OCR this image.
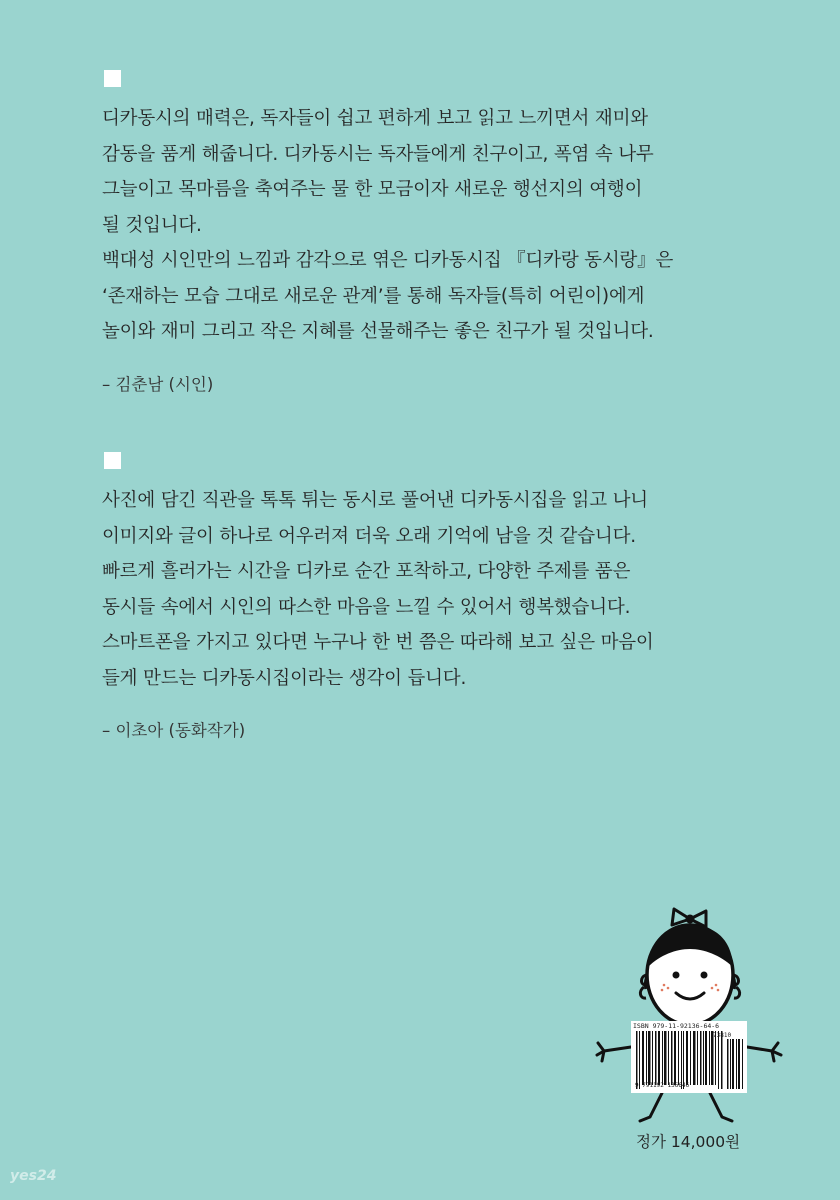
디카동시의 매력은, 독자들이 쉽고 편하게 보고 읽고 느끼면서 재미와

감동을 품게 해줍니다. 디카동시는 독자들에게 친구이고, 폭염 속 나무

그늘이고 목마름을 축여주는 물 한 모금이자 새로운 행선지의 여행이

될 것입니다.

백대성 시인만의 느낌과 감각으로 엮은 디카동시집 『디카랑 동시랑』은

‘존재하는 모습 그대로 새로운 관계’를 통해 독자들(특히 어린이)에게

놀이와 재미 그리고 작은 지혜를 선물해주는 좋은 친구가 될 것입니다.

– 김춘남 (시인)

사진에 담긴 직관을 톡톡 튀는 동시로 풀어낸 디카동시집을 읽고 나니

이미지와 글이 하나로 어우러져 더욱 오래 기억에 남을 것 같습니다.

빠르게 흘러가는 시간을 디카로 순간 포착하고, 다양한 주제를 품은

동시들 속에서 시인의 따스한 마음을 느낄 수 있어서 행복했습니다.

스마트폰을 가지고 있다면 누구나 한 번 쯤은 따라해 보고 싶은 마음이

들게 만드는 디카동시집이라는 생각이 듭니다.

– 이초아 (동화작가)
ISBN 979-11-92136-64-6
73810
9 791192 136646
정가 14,000원
yes24
